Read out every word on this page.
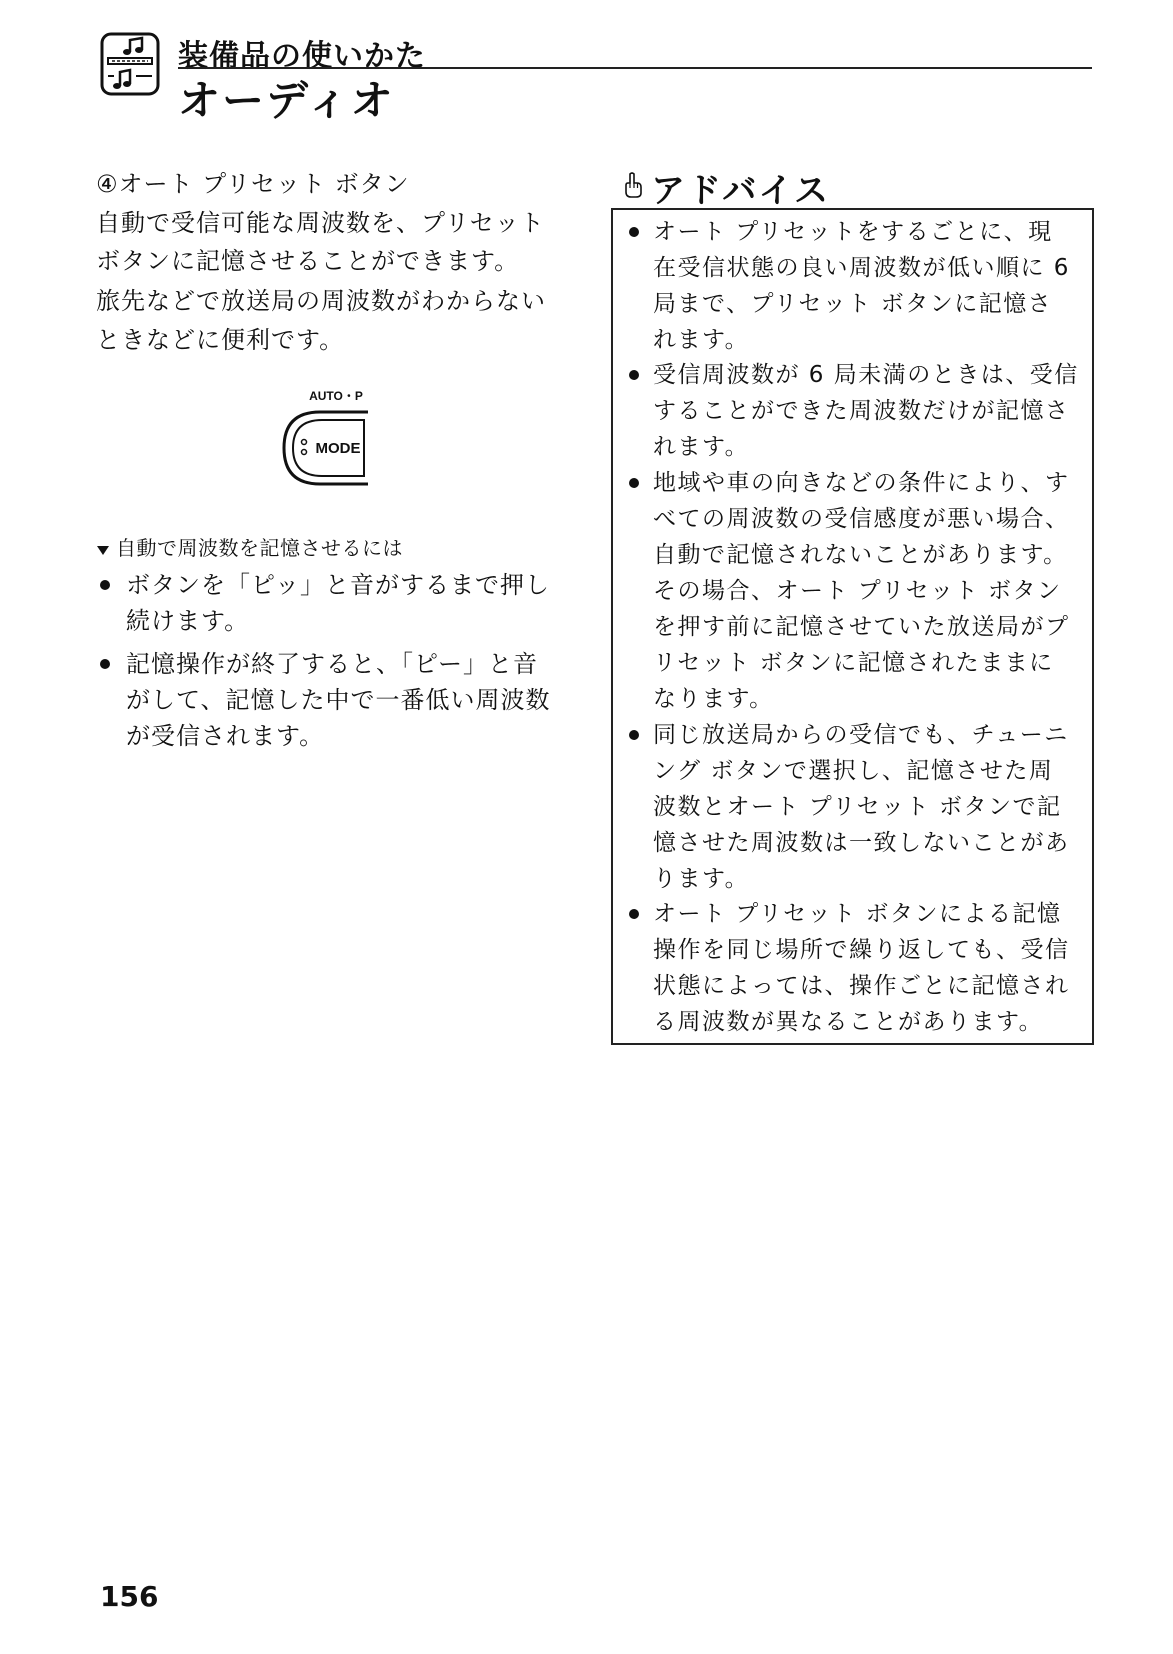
装備品の使いかた
オーディオ
④オート プリセット ボタン
自動で受信可能な周波数を、プリセット
ボタンに記憶させることができます。
旅先などで放送局の周波数がわからない
ときなどに便利です。
AUTO・P
MODE
自動で周波数を記憶させるには
ボタンを「ピッ」と音がするまで押し
続けます。
記憶操作が終了すると、「ピー」と音
がして、記憶した中で一番低い周波数
が受信されます。
アドバイス
オート プリセットをするごとに、現
在受信状態の良い周波数が低い順に 6
局まで、プリセット ボタンに記憶さ
れます。
受信周波数が 6 局未満のときは、受信
することができた周波数だけが記憶さ
れます。
地域や車の向きなどの条件により、す
べての周波数の受信感度が悪い場合、
自動で記憶されないことがあります。
その場合、オート プリセット ボタン
を押す前に記憶させていた放送局がプ
リセット ボタンに記憶されたままに
なります。
同じ放送局からの受信でも、チューニ
ング ボタンで選択し、記憶させた周
波数とオート プリセット ボタンで記
憶させた周波数は一致しないことがあ
ります。
オート プリセット ボタンによる記憶
操作を同じ場所で繰り返しても、受信
状態によっては、操作ごとに記憶され
る周波数が異なることがあります。
156
